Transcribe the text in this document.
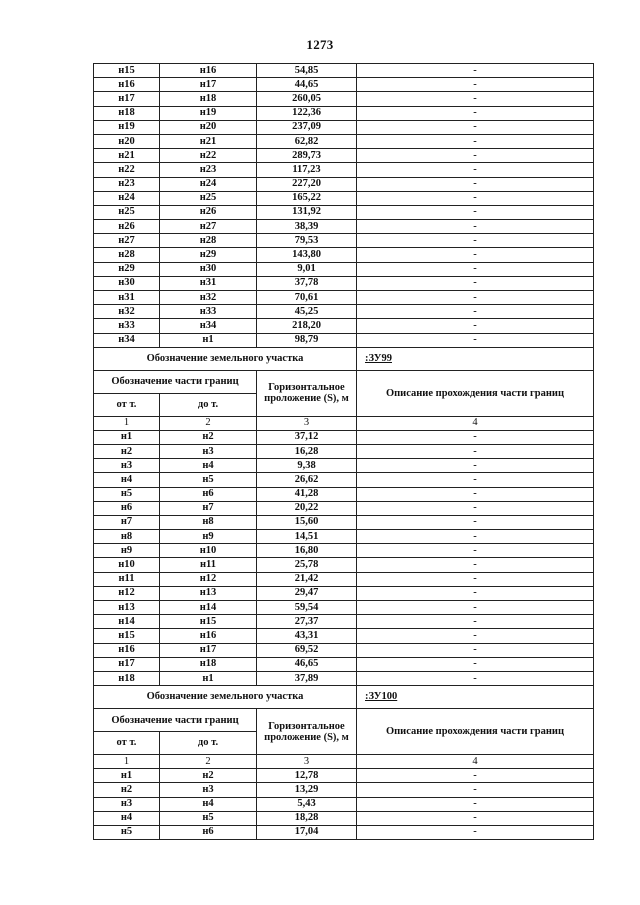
1273
н15	н16	54,85	-
н16	н17	44,65	-
н17	н18	260,05	-
н18	н19	122,36	-
н19	н20	237,09	-
н20	н21	62,82	-
н21	н22	289,73	-
н22	н23	117,23	-
н23	н24	227,20	-
н24	н25	165,22	-
н25	н26	131,92	-
н26	н27	38,39	-
н27	н28	79,53	-
н28	н29	143,80	-
н29	н30	9,01	-
н30	н31	37,78	-
н31	н32	70,61	-
н32	н33	45,25	-
н33	н34	218,20	-
н34	н1	98,79	-
Обозначение земельного участка			:ЗУ99
Обозначение части границ		Горизонтальное проложение (S), м	Описание прохождения части границ
от т.	до т.		
1	2	3	4
н1	н2	37,12	-
н2	н3	16,28	-
н3	н4	9,38	-
н4	н5	26,62	-
н5	н6	41,28	-
н6	н7	20,22	-
н7	н8	15,60	-
н8	н9	14,51	-
н9	н10	16,80	-
н10	н11	25,78	-
н11	н12	21,42	-
н12	н13	29,47	-
н13	н14	59,54	-
н14	н15	27,37	-
н15	н16	43,31	-
н16	н17	69,52	-
н17	н18	46,65	-
н18	н1	37,89	-
Обозначение земельного участка			:ЗУ100
Обозначение части границ		Горизонтальное проложение (S), м	Описание прохождения части границ
от т.	до т.		
1	2	3	4
н1	н2	12,78	-
н2	н3	13,29	-
н3	н4	5,43	-
н4	н5	18,28	-
н5	н6	17,04	-
